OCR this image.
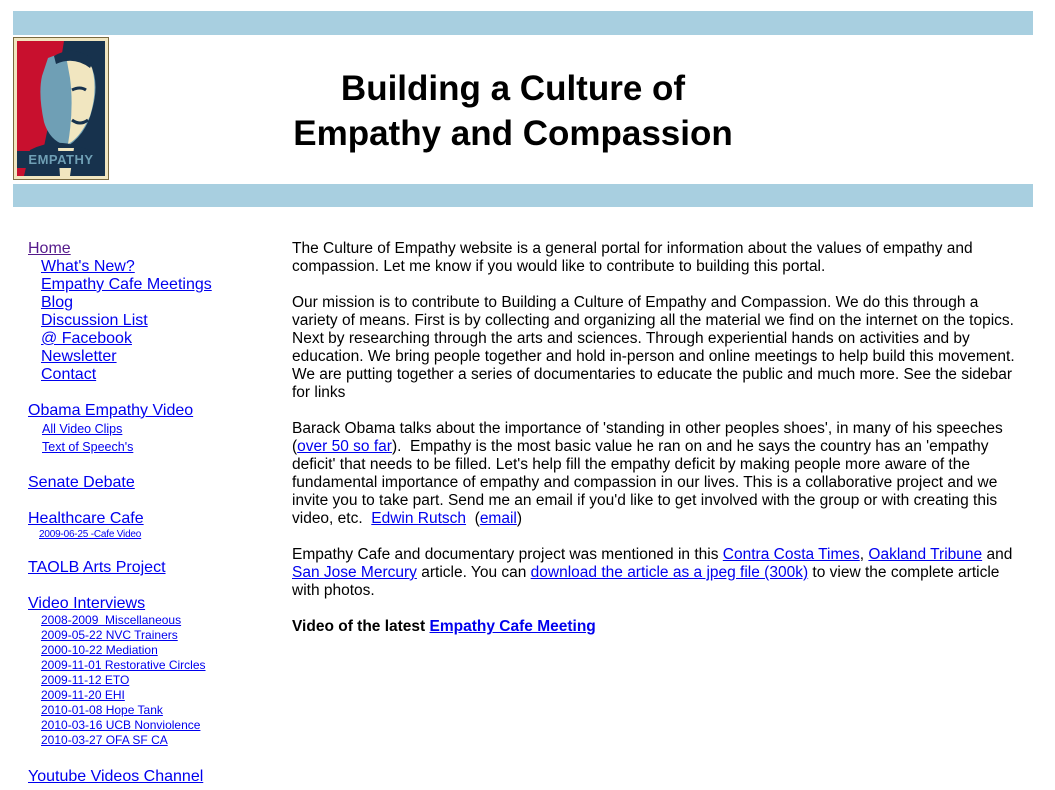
EMPATHY
Building a Culture of
Empathy and Compassion
Home
What's New?
Empathy Cafe Meetings
Blog
Discussion List
@ Facebook
Newsletter
Contact
Obama Empathy Video
All Video Clips
Text of Speech's
Senate Debate
Healthcare Cafe
2009-06-25 -Cafe Video
TAOLB Arts Project
Video Interviews
2008-2009  Miscellaneous
2009-05-22 NVC Trainers
2000-10-22 Mediation
2009-11-01 Restorative Circles
2009-11-12 ETO
2009-11-20 EHI
2010-01-08 Hope Tank
2010-03-16 UCB Nonviolence
2010-03-27 OFA SF CA
Youtube Videos Channel

The Culture of Empathy website is a general portal for information about the values of empathy and compassion. Let me know if you would like to contribute to building this portal.

Our mission is to contribute to Building a Culture of Empathy and Compassion. We do this through a variety of means. First is by collecting and organizing all the material we find on the internet on the topics. Next by researching through the arts and sciences. Through experiential hands on activities and by education. We bring people together and hold in-person and online meetings to help build this movement. We are putting together a series of documentaries to educate the public and much more. See the sidebar for links

Barack Obama talks about the importance of 'standing in other peoples shoes', in many of his speeches (over 50 so far).  Empathy is the most basic value he ran on and he says the country has an 'empathy deficit' that needs to be filled. Let's help fill the empathy deficit by making people more aware of the fundamental importance of empathy and compassion in our lives. This is a collaborative project and we invite you to take part. Send me an email if you'd like to get involved with the group or with creating this video, etc.  Edwin Rutsch  (email)

Empathy Cafe and documentary project was mentioned in this Contra Costa Times, Oakland Tribune and San Jose Mercury article. You can download the article as a jpeg file (300k) to view the complete article with photos.

Video of the latest Empathy Cafe Meeting
